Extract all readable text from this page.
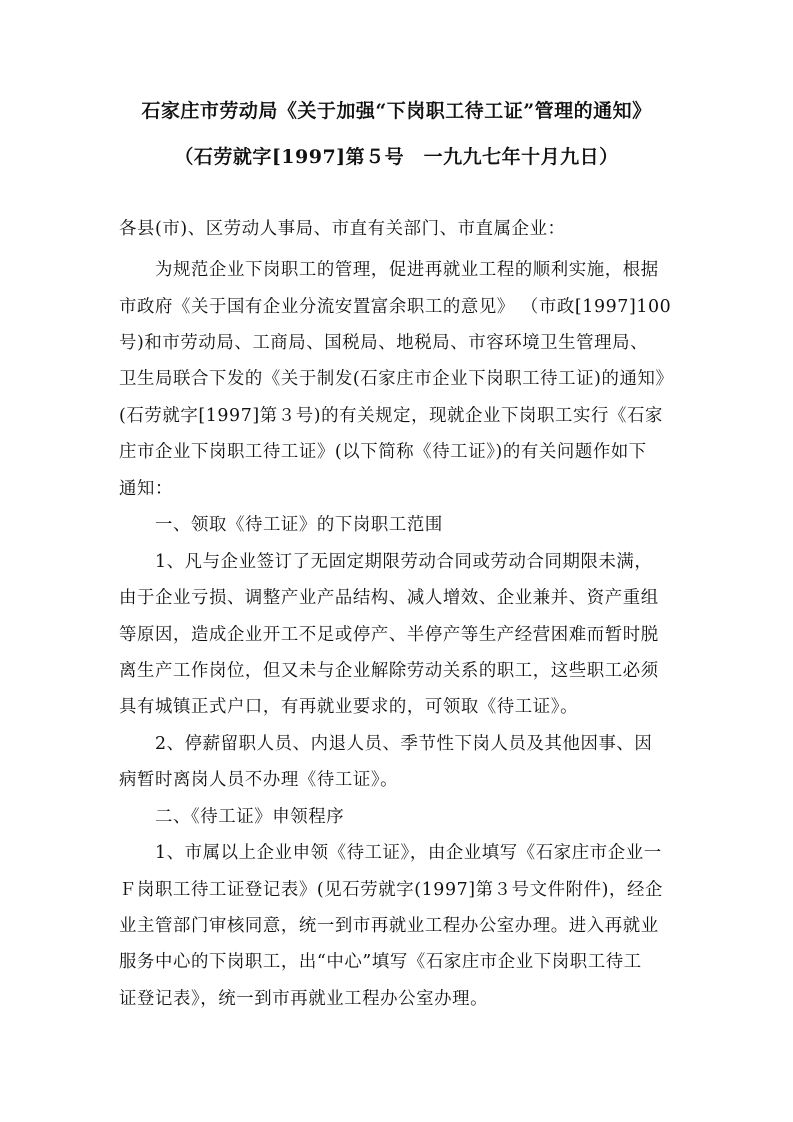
石家庄市劳动局《关于加强“下岗职工待工证”管理的通知》
（石劳就字[1997]第５号　一九九七年十月九日）
各县(市)、区劳动人事局、市直有关部门、市直属企业：
为规范企业下岗职工的管理，促进再就业工程的顺利实施，根据
市政府《关于国有企业分流安置富余职工的意见》 （市政[1997]100
号)和市劳动局、工商局、国税局、地税局、市容环境卫生管理局、
卫生局联合下发的《关于制发(石家庄市企业下岗职工待工证)的通知》
(石劳就字[1997]第３号)的有关规定，现就企业下岗职工实行《石家
庄市企业下岗职工待工证》(以下简称《待工证》)的有关问题作如下
通知：
一、领取《待工证》的下岗职工范围
1、凡与企业签订了无固定期限劳动合同或劳动合同期限未满，
由于企业亏损、调整产业产品结构、减人增效、企业兼并、资产重组
等原因，造成企业开工不足或停产、半停产等生产经营困难而暂时脱
离生产工作岗位，但又未与企业解除劳动关系的职工，这些职工必须
具有城镇正式户口，有再就业要求的，可领取《待工证》。
2、停薪留职人员、内退人员、季节性下岗人员及其他因事、因
病暂时离岗人员不办理《待工证》。
二、《待工证》申领程序
1、市属以上企业申领《待工证》，由企业填写《石家庄市企业一
Ｆ岗职工待工证登记表》(见石劳就字(1997]第３号文件附件)，经企
业主管部门审核同意，统一到市再就业工程办公室办理。进入再就业
服务中心的下岗职工，出“中心”填写《石家庄市企业下岗职工待工
证登记表》，统一到市再就业工程办公室办理。
